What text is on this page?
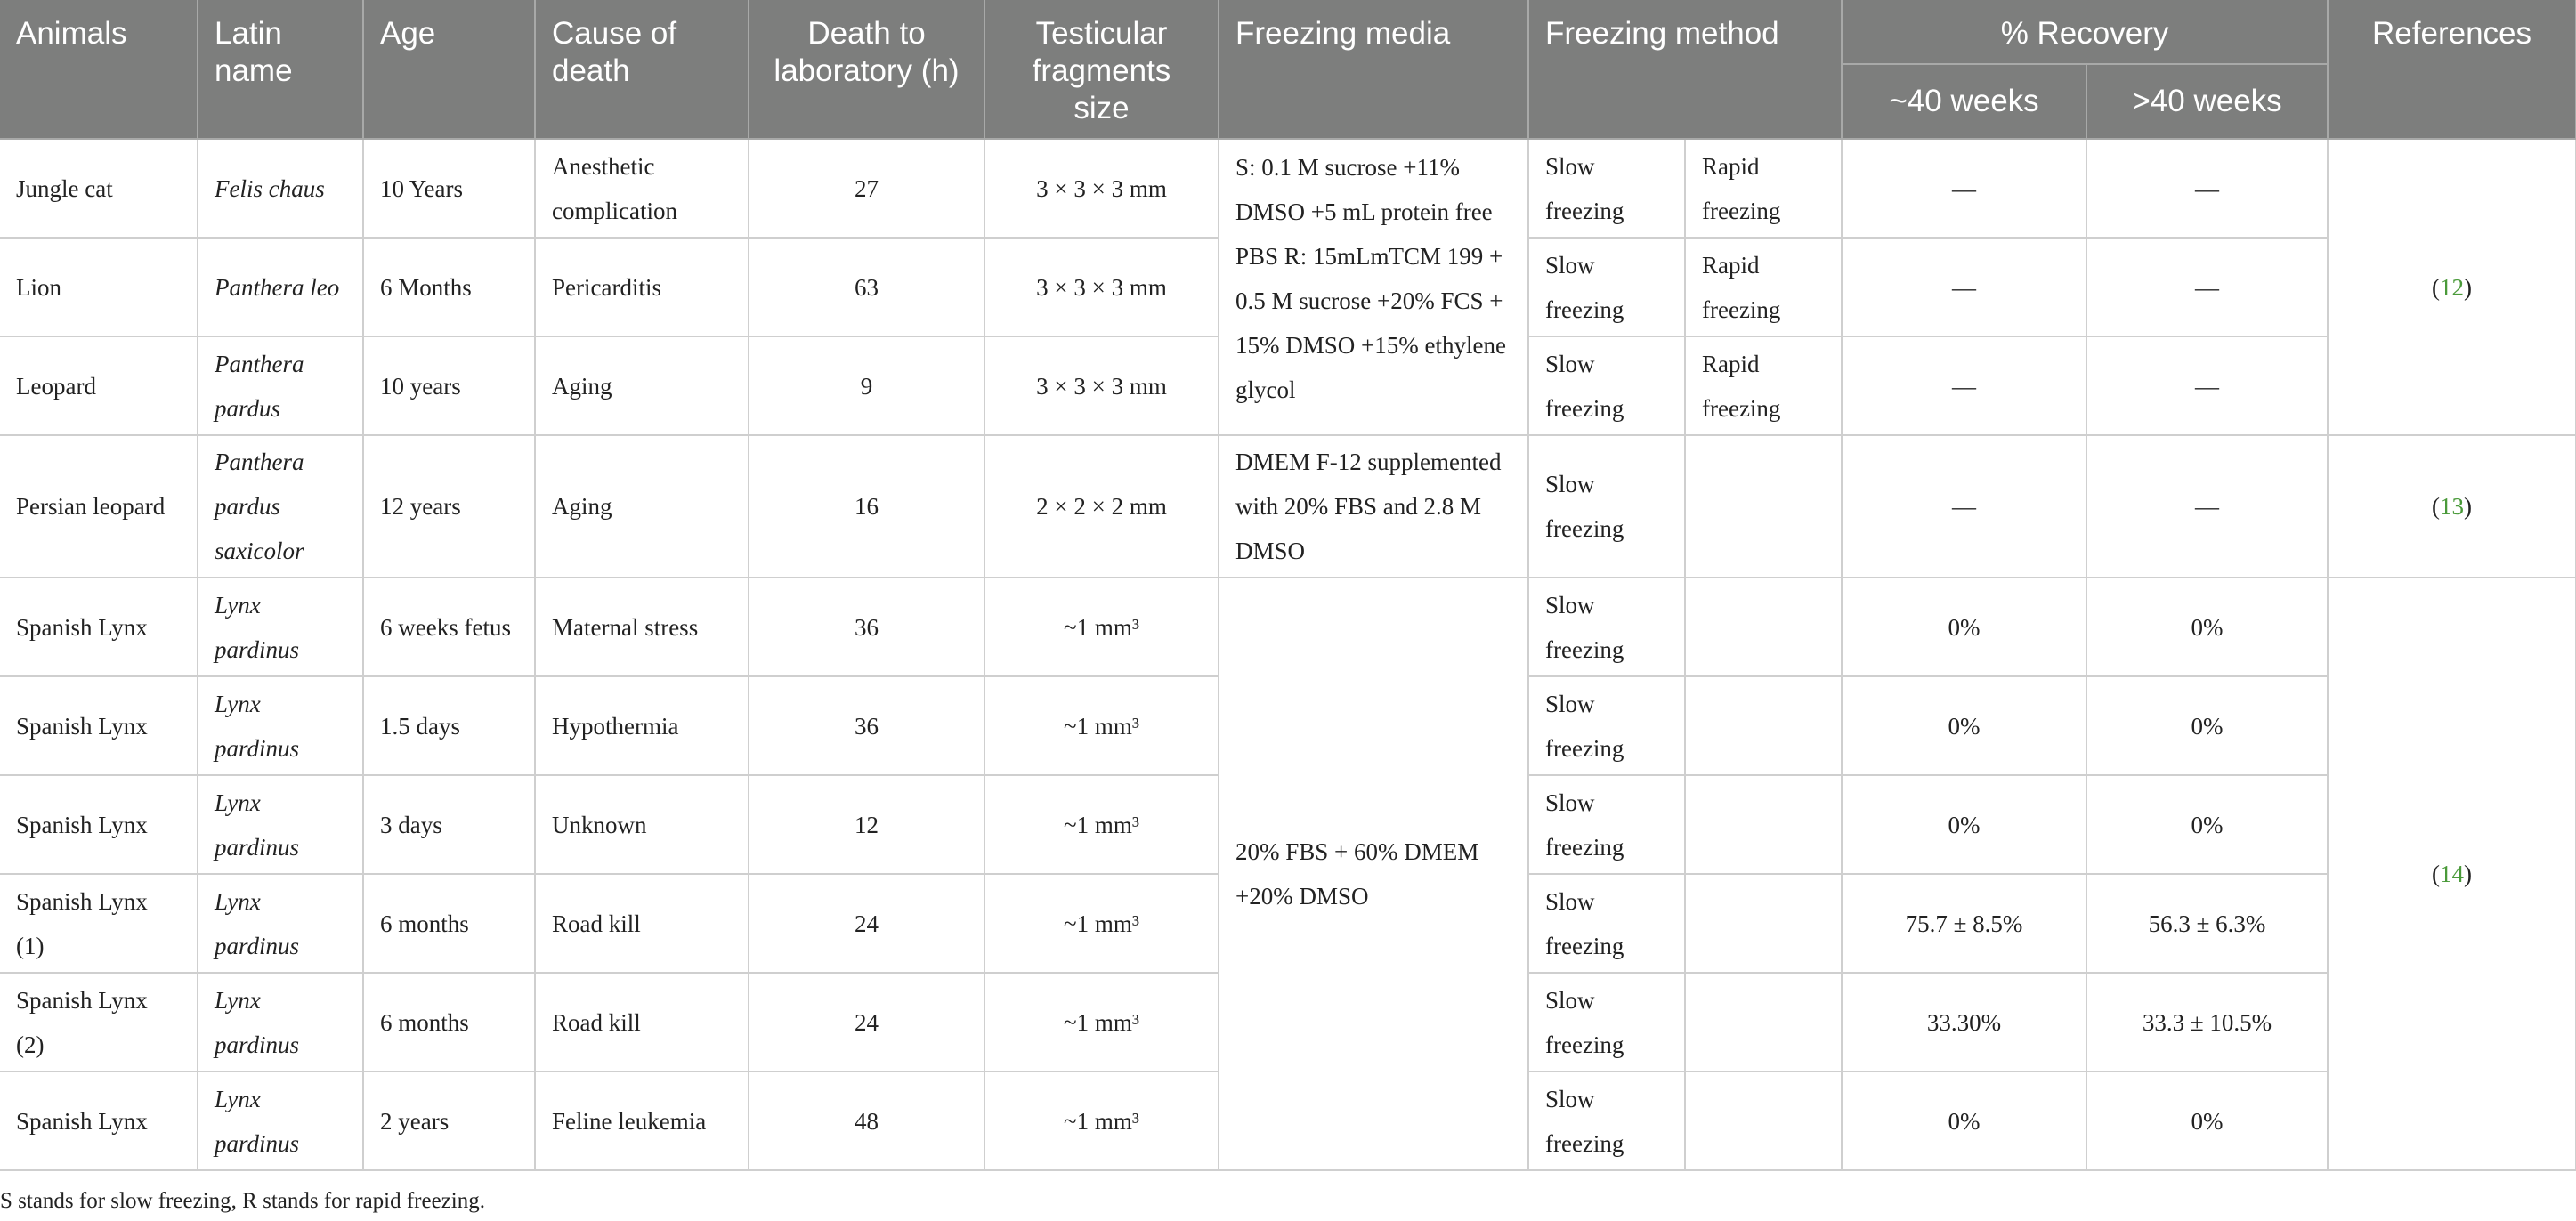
Animals	Latin name	Age	Cause of death	Death to laboratory (h)	Testicular fragments size	Freezing media	Freezing method		% Recovery		References
									~40 weeks	>40 weeks	
Jungle cat	Felis chaus	10 Years	Anesthetic complication	27	3 × 3 × 3 mm	S: 0.1 M sucrose +11% DMSO +5 mL protein free PBS R: 15mLmTCM 199 + 0.5 M sucrose +20% FCS + 15% DMSO +15% ethylene glycol	Slow freezing	Rapid freezing	—	—	(12)
Lion	Panthera leo	6 Months	Pericarditis	63	3 × 3 × 3 mm		Slow freezing	Rapid freezing	—	—	
Leopard	Panthera pardus	10 years	Aging	9	3 × 3 × 3 mm		Slow freezing	Rapid freezing	—	—	
Persian leopard	Panthera pardus saxicolor	12 years	Aging	16	2 × 2 × 2 mm	DMEM F-12 supplemented with 20% FBS and 2.8 M DMSO	Slow freezing		—	—	(13)
Spanish Lynx	Lynx pardinus	6 weeks fetus	Maternal stress	36	~1 mm³	20% FBS + 60% DMEM +20% DMSO	Slow freezing		0%	0%	(14)
Spanish Lynx	Lynx pardinus	1.5 days	Hypothermia	36	~1 mm³		Slow freezing		0%	0%	
Spanish Lynx	Lynx pardinus	3 days	Unknown	12	~1 mm³		Slow freezing		0%	0%	
Spanish Lynx (1)	Lynx pardinus	6 months	Road kill	24	~1 mm³		Slow freezing		75.7 ± 8.5%	56.3 ± 6.3%	
Spanish Lynx (2)	Lynx pardinus	6 months	Road kill	24	~1 mm³		Slow freezing		33.30%	33.3 ± 10.5%	
Spanish Lynx	Lynx pardinus	2 years	Feline leukemia	48	~1 mm³		Slow freezing		0%	0%	
S stands for slow freezing, R stands for rapid freezing.
